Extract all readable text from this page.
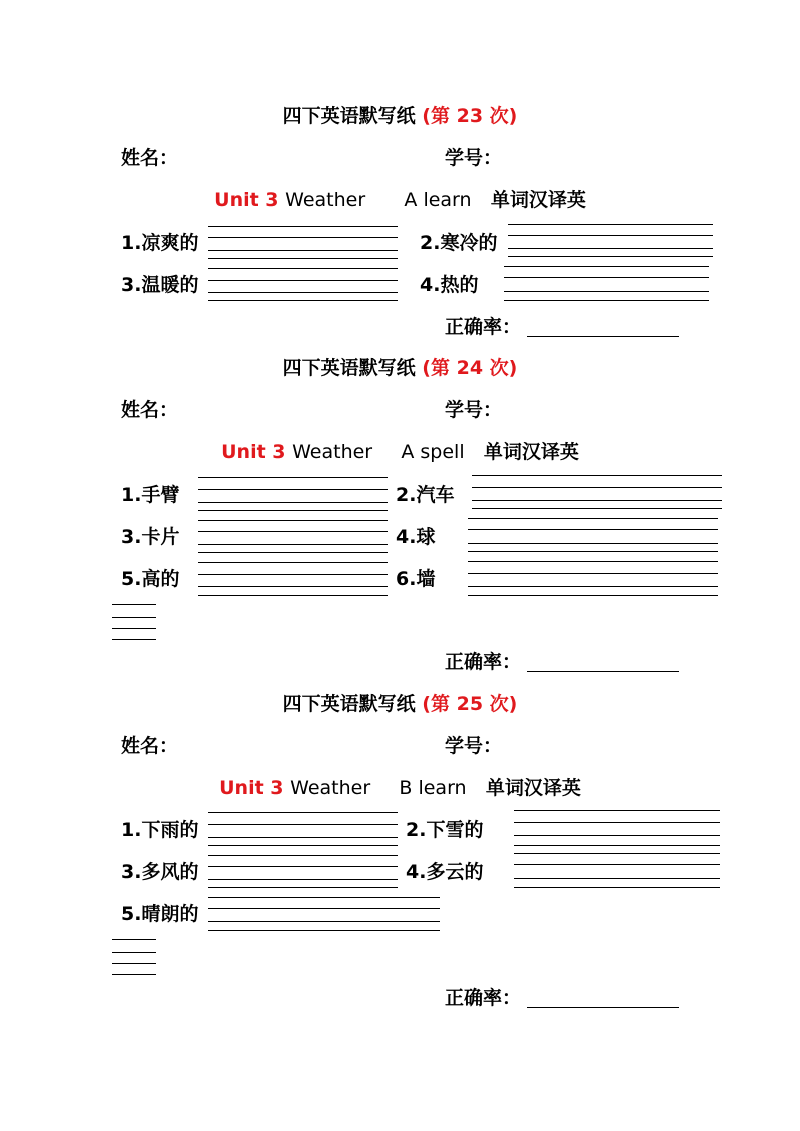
四下英语默写纸 (第 23 次)
姓名：	学号：
Unit 3 Weather A learn 单词汉译英
1.凉爽的	2.寒冷的
3.温暖的	4.热的
正确率：
四下英语默写纸 (第 24 次)
姓名：	学号：
Unit 3 Weather A spell 单词汉译英
1.手臂	2.汽车
3.卡片	4.球
5.高的	6.墙
正确率：
四下英语默写纸 (第 25 次)
姓名：	学号：
Unit 3 Weather B learn 单词汉译英
1.下雨的	2.下雪的
3.多风的	4.多云的
5.晴朗的
正确率：
